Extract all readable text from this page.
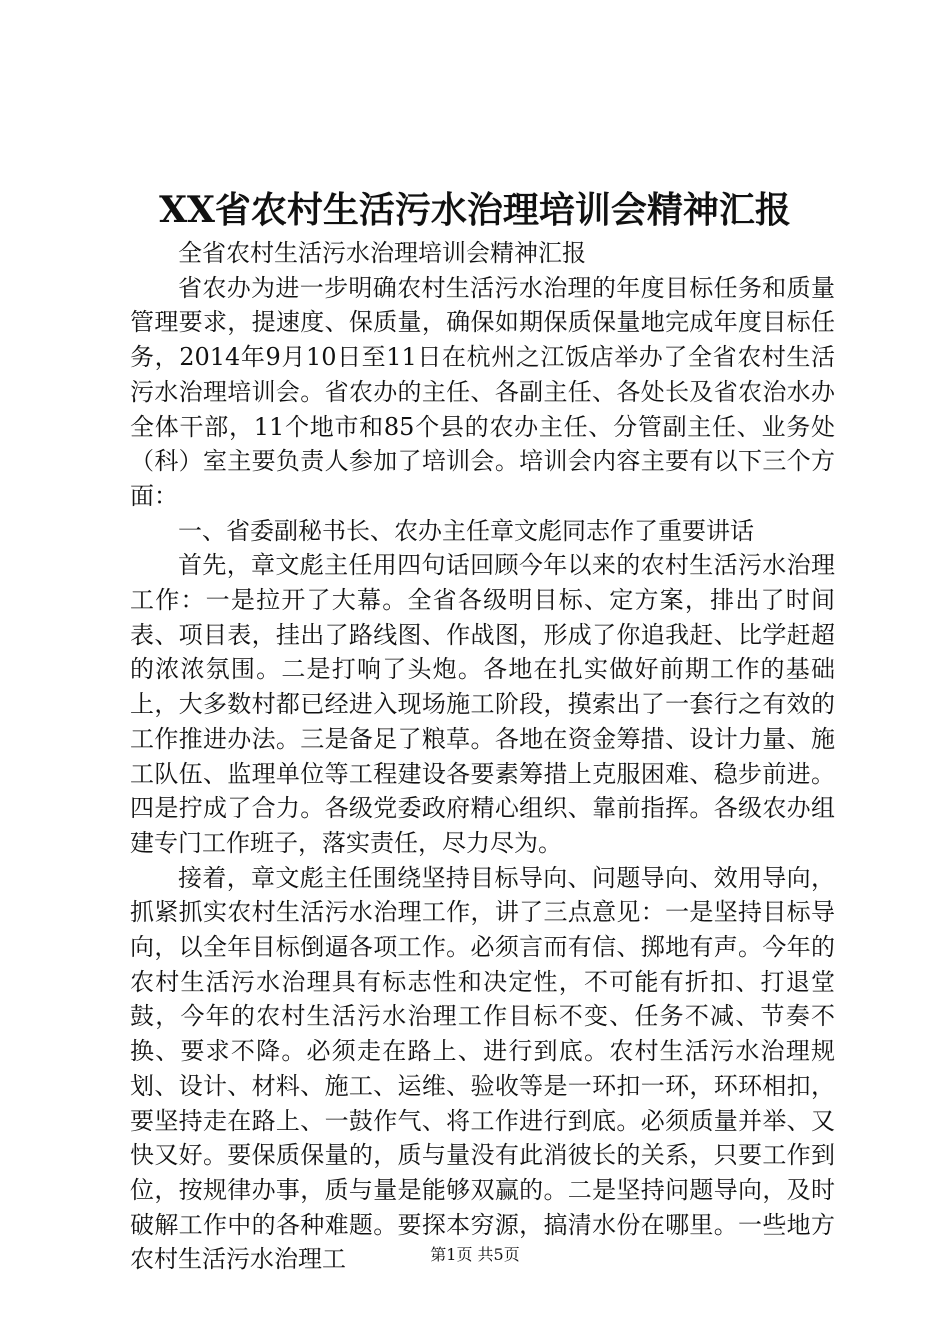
XX省农村生活污水治理培训会精神汇报

全省农村生活污水治理培训会精神汇报

省农办为进一步明确农村生活污水治理的年度目标任务和质量管理要求，提速度、保质量，确保如期保质保量地完成年度目标任务，2014年9月10日至11日在杭州之江饭店举办了全省农村生活污水治理培训会。省农办的主任、各副主任、各处长及省农治水办全体干部，11个地市和85个县的农办主任、分管副主任、业务处（科）室主要负责人参加了培训会。培训会内容主要有以下三个方面：

一、省委副秘书长、农办主任章文彪同志作了重要讲话

首先，章文彪主任用四句话回顾今年以来的农村生活污水治理工作：一是拉开了大幕。全省各级明目标、定方案，排出了时间表、项目表，挂出了路线图、作战图，形成了你追我赶、比学赶超的浓浓氛围。二是打响了头炮。各地在扎实做好前期工作的基础上，大多数村都已经进入现场施工阶段，摸索出了一套行之有效的工作推进办法。三是备足了粮草。各地在资金筹措、设计力量、施工队伍、监理单位等工程建设各要素筹措上克服困难、稳步前进。四是拧成了合力。各级党委政府精心组织、靠前指挥。各级农办组建专门工作班子，落实责任，尽力尽为。

接着，章文彪主任围绕坚持目标导向、问题导向、效用导向，抓紧抓实农村生活污水治理工作，讲了三点意见：一是坚持目标导向，以全年目标倒逼各项工作。必须言而有信、掷地有声。今年的农村生活污水治理具有标志性和决定性，不可能有折扣、打退堂鼓，今年的农村生活污水治理工作目标不变、任务不减、节奏不换、要求不降。必须走在路上、进行到底。农村生活污水治理规划、设计、材料、施工、运维、验收等是一环扣一环，环环相扣，要坚持走在路上、一鼓作气、将工作进行到底。必须质量并举、又快又好。要保质保量的，质与量没有此消彼长的关系，只要工作到位，按规律办事，质与量是能够双赢的。二是坚持问题导向，及时破解工作中的各种难题。要探本穷源，搞清水份在哪里。一些地方农村生活污水治理工	第1页 共5页
